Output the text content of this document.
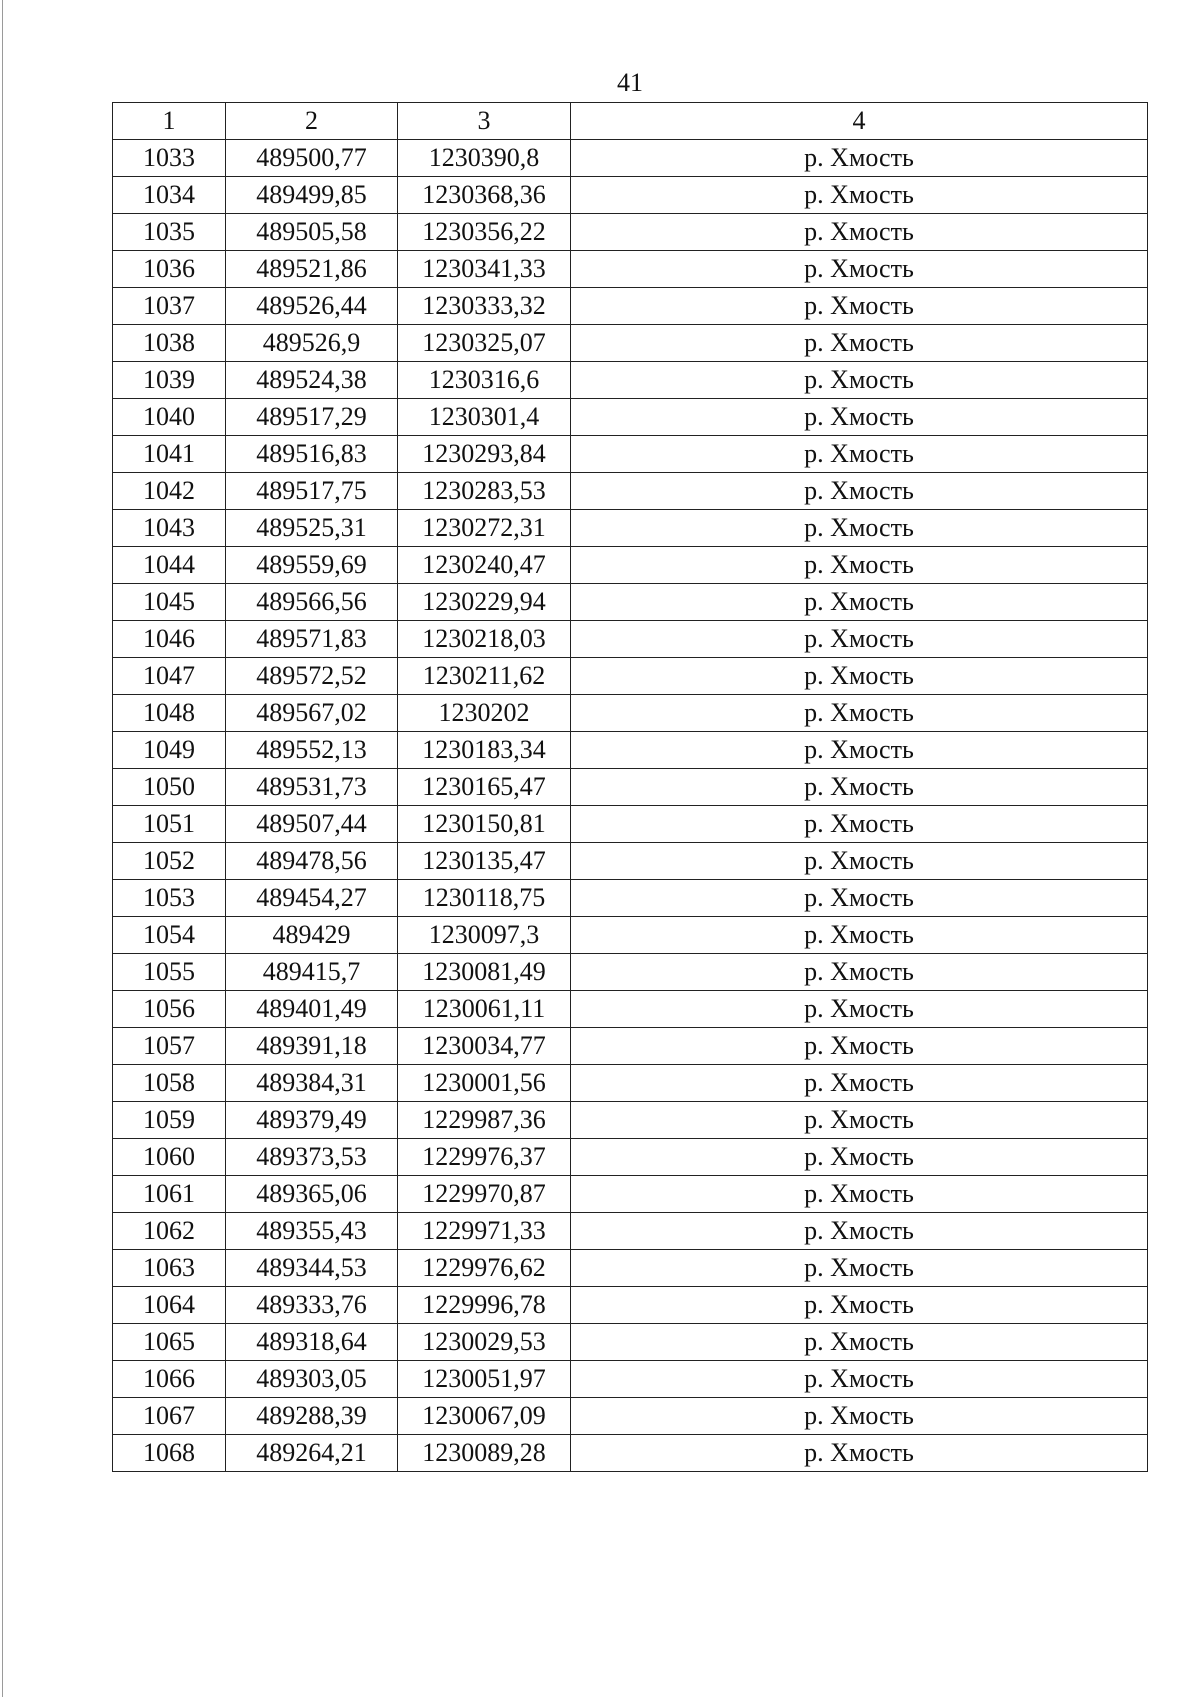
41
1	2	3	4
1033	489500,77	1230390,8	р. Хмость
1034	489499,85	1230368,36	р. Хмость
1035	489505,58	1230356,22	р. Хмость
1036	489521,86	1230341,33	р. Хмость
1037	489526,44	1230333,32	р. Хмость
1038	489526,9	1230325,07	р. Хмость
1039	489524,38	1230316,6	р. Хмость
1040	489517,29	1230301,4	р. Хмость
1041	489516,83	1230293,84	р. Хмость
1042	489517,75	1230283,53	р. Хмость
1043	489525,31	1230272,31	р. Хмость
1044	489559,69	1230240,47	р. Хмость
1045	489566,56	1230229,94	р. Хмость
1046	489571,83	1230218,03	р. Хмость
1047	489572,52	1230211,62	р. Хмость
1048	489567,02	1230202	р. Хмость
1049	489552,13	1230183,34	р. Хмость
1050	489531,73	1230165,47	р. Хмость
1051	489507,44	1230150,81	р. Хмость
1052	489478,56	1230135,47	р. Хмость
1053	489454,27	1230118,75	р. Хмость
1054	489429	1230097,3	р. Хмость
1055	489415,7	1230081,49	р. Хмость
1056	489401,49	1230061,11	р. Хмость
1057	489391,18	1230034,77	р. Хмость
1058	489384,31	1230001,56	р. Хмость
1059	489379,49	1229987,36	р. Хмость
1060	489373,53	1229976,37	р. Хмость
1061	489365,06	1229970,87	р. Хмость
1062	489355,43	1229971,33	р. Хмость
1063	489344,53	1229976,62	р. Хмость
1064	489333,76	1229996,78	р. Хмость
1065	489318,64	1230029,53	р. Хмость
1066	489303,05	1230051,97	р. Хмость
1067	489288,39	1230067,09	р. Хмость
1068	489264,21	1230089,28	р. Хмость
